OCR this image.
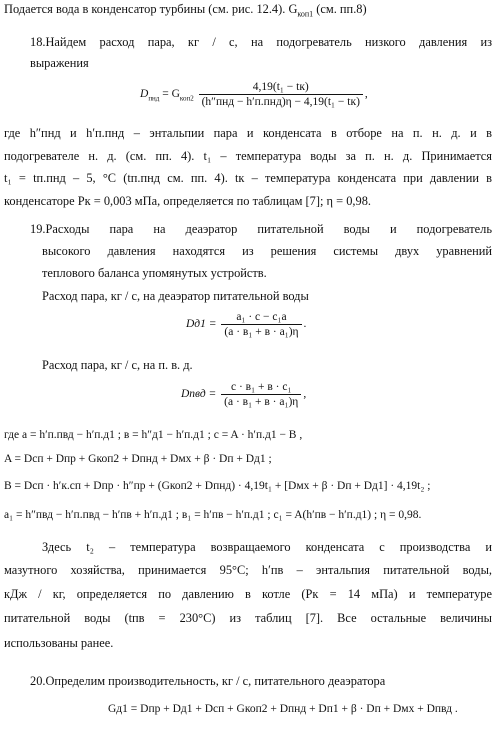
Подается вода в конденсатор турбины (см. рис. 12.4). $G_{коп1}$ (см. пп.8)
18.Найдем расход пара, кг / с, на подогреватель низкого давления из
выражения
$D_{пнд} = G_{коп2} \frac{\text{4,19(t₁ − tк)}}{\text{(h″пнд − h′п.пнд)η − 4,19(t₁ − tк)}}$ ,
где h″пнд и h′п.пнд – энтальпии пара и конденсата в отборе на п. н. д. и в
подогревателе н. д. (см. пп. 4). t₁ – температура воды за п. н. д. Принимается
t₁ = tп.пнд – 5, °С (tп.пнд см. пп. 4). tк – температура конденсата при давлении в
конденсаторе Pк = 0,003 мПа, определяется по таблицам [7]; η = 0,98.
19.Расходы пара на деаэратор питательной воды и подогреватель
высокого давления находятся из решения системы двух уравнений
теплового баланса упомянутых устройств.
Расход пара, кг / с, на деаэратор питательной воды
$Dд1 = \frac{\text{a₁ · c − c₁a}}{\text{(a · в₁ + в · a₁)η}}$ .
Расход пара, кг / с, на п. в. д.
Dпвд = $\frac{\text{c · в₁ + в · c₁}}{\text{(a · в₁ + в · a₁)η}}$ ,
где a = h′п.пвд − h′п.д1 ; в = h″д1 − h′п.д1 ; c = A · h′п.д1 − B ,
A = Dсп + Dпр + Gкоп2 + Dпнд + Dмх + β · Dп + Dд1 ;
B = Dсп · h′к.сп + Dпр · h″пр + (Gкоп2 + Dпнд) · 4,19t₁ + [Dмх + β · Dп + Dд1] · 4,19t₂ ;
a₁ = h″пвд − h′п.пвд − h′пв + h′п.д1 ; в₁ = h′пв − h′п.д1 ; c₁ = A(h′пв − h′п.д1) ; η = 0,98.
Здесь t₂ – температура возвращаемого конденсата с производства и
мазутного хозяйства, принимается 95°С; h′пв – энтальпия питательной воды,
кДж / кг, определяется по давлению в котле (Pк = 14 мПа) и температуре
питательной воды (tпв = 230°С) из таблиц [7]. Все остальные величины
использованы ранее.
20.Определим производительность, кг / с, питательного деаэратора
Gд1 = Dпр + Dд1 + Dсп + Gкоп2 + Dпнд + Dп1 + β · Dп + Dмх + Dпвд .
